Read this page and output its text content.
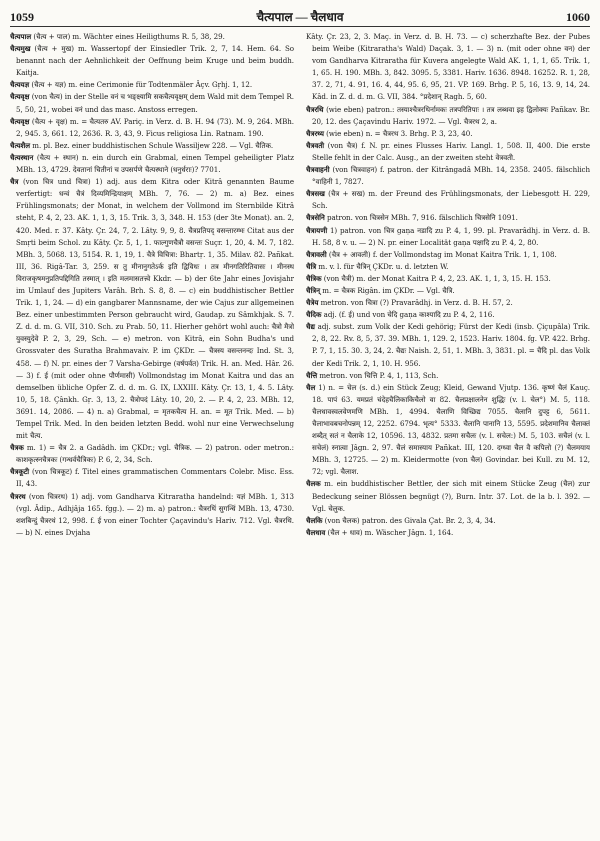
1059	चैत्यपाल — चैलधाव	1060

चैत्यपाल (चैत्य + पाल) m. Wächter eines Heiligthums R. 5, 38, 29.

चैत्यमुख (चैत्य + मुख) m. Wassertopf der Einsiedler Trik. 2, 7, 14. Hem. 64. So benannt nach der Aehnlichkeit der Oeffnung beim Kruge und beim buddh. Kaitja.

चैत्ययज्ञ (चैत्य + यज्ञ) m. eine Cerimonie für Todtenmäler Âçv. Gṛhj. 1, 12.

चैत्यवृक्ष (von चैत्य) in der Stelle वनं च भङ्क्ष्यामि सकचैत्यवृक्षम् dem Wald mit dem Tempel R. 5, 50, 21, wobei वनं und das masc. Anstoss erregen.

चैत्यवृक्ष (चैत्य + वृक्ष) m. = चैत्यतरु AV. Pariç. in Verz. d. B. H. 94 (73). M. 9, 264. MBh. 2, 945. 3, 661. 12, 2636. R. 3, 43, 9. Ficus religiosa Lin. Ratnam. 190.

चैत्यशैल m. pl. Bez. einer buddhistischen Schule Wassiljew 228. — Vgl. चैतिक.

चैत्यस्थान (चैत्य + स्थान) n. ein durch ein Grabmal, einen Tempel geheiligter Platz MBh. 13, 4729. देवतानां चितीनां च उपसर्पणे चैत्यस्थाने (धनुर्धराः)? 7701.

चैत्र (von चित्र und चित्रा) 1) adj. aus dem Kitra oder Kitrâ genannten Baume verfertigt: धन्वं चैत्रं दिव्यमिन्द्रियाक्षम् MBh. 7, 76. — 2) m. a) Bez. eines Frühlingsmonats; der Monat, in welchem der Vollmond im Sternbilde Kitrâ steht, P. 4, 2, 23. AK. 1, 1, 3, 15. Trik. 3, 3, 348. H. 153 (der 3te Monat). an. 2, 420. Med. r. 37. Kâty. Çr. 24, 7, 2. Lâty. 9, 9, 8. चैत्रप्रतिपद् वसन्तारम्भः Citat aus der Smṛti beim Schol. zu Kâty. Çr. 5, 1, 1. फाल्गुणचैत्रौ वसन्तः Suçr. 1, 20, 4. M. 7, 182. MBh. 3, 5068. 13, 5154. R. 1, 19, 1. चैत्रे विचित्रा: Bhartṛ. 1, 35. Milav. 82. Pañkat. III, 36. Rigâ-Tar. 3, 259. स तु मीनानुगतेऽर्क इति द्विविधः । तत्र मीनगतिरितिवासः । मीनस्थ विराजकृषमनुप्रतिपद्दिगिति तस्मात् । इति मलमासतत्त्वे Kkdr. — b) der 6te Jahr eines Jovisjahr im Umlauf des Jupiters Varâh. Brh. S. 8, 8. — c) ein buddhistischer Bettler Trik. 1, 1, 24. — d) ein gangbarer Mannsname, der wie Cajus zur allgemeinen Bez. einer unbestimmten Person gebraucht wird, Gaudap. zu Sâmkhjak. S. 7. Z. d. d. m. G. VII, 310. Sch. zu Prab. 50, 11. Hierher gehört wohl auch: चैत्रो मैत्रो युवस्युदेवे P. 2, 3, 29, Sch. — e) metron. von Kitrâ, ein Sohn Budha's und Grossvater des Suratha Brahmavaiv. P. im ÇKDr. — चैत्रस्य वसन्तनन्दः Ind. St. 3, 458. — f) N. pr. eines der 7 Varsha-Gebirge (वर्षपर्वत) Trik. H. an. Med. Hâr. 26. — 3) f. ई (mit oder ohne पौर्णमासी) Vollmondstag im Monat Kaitra und das an demselben übliche Opfer Z. d. d. m. G. IX, LXXIII. Kâty. Çr. 13, 1, 4. 5. Lâty. 10, 5, 18. Çânkh. Gṛ. 3, 13, 2. चैत्रोपदं Lâty. 10, 20, 2. — P. 4, 2, 23. MBh. 12, 3691. 14, 2086. — 4) n. a) Grabmal, = मृतकचैत्य H. an. = मूत Trik. Med. — b) Tempel Trik. Med. In den beiden letzten Bedd. wohl nur eine Verwechselung mit चैत्य.

चैत्रक m. 1) = चैत्र 2. a Gadâdh. im ÇKDr.; vgl. चैत्रिक. — 2) patron. oder metron.: काशकृत्स्नचैत्रकः (गन्धर्वचैत्रिकः) P. 6, 2, 34, Sch.

चैत्रकूटी (von चित्रकूट) f. Titel eines grammatischen Commentars Colebr. Misc. Ess. II, 43.

चैत्ररथ (von चित्ररथ) 1) adj. vom Gandharva Kitraratha handelnd: यज्ञं MBh. 1, 313 (vgl. Âdip., Adhjâja 165. fgg.). — 2) m. a) patron.: चैत्ररथिं सुगन्धिं MBh. 13, 4730. शशबिन्दुं चैत्ररथं 12, 998. f. ई von einer Tochter Çaçavindu's Hariv. 712. Vgl. चैत्ररथि. — b) N. eines Dvjaha

Kâty. Çr. 23, 2, 3. Maç. in Verz. d. B. H. 73. — c) scherzhafte Bez. der Pubes beim Weibe (Kitraratha's Wald) Daçak. 3, 1. — 3) n. (mit oder ohne वन) der vom Gandharva Kitraratha für Kuvera angelegte Wald AK. 1, 1, 1, 65. Trik. 1, 1, 65. H. 190. MBh. 3, 842. 3095. 5, 3381. Hariv. 1636. 8948. 16252. R. 1, 28, 37. 2, 71, 4. 91, 16. 4, 44, 95. 6, 95, 21. VP. 169. Brhg. P. 5, 16, 13. 9, 14, 24. Kâd. in Z. d. d. m. G. VII, 384. °प्रदेशान् Ragh. 5, 60.

चैत्ररथि (wie eben) patron.: तस्याश्चैत्ररथिर्नामकः तत्रपरितिपाः । तत्र लब्धवा इह द्विलोक्यः Pañkav. Br. 20, 12. des Çaçavindu Hariv. 1972. — Vgl. चैत्ररथ 2, a.

चैत्ररथ्य (wie eben) n. = चैत्ररथ 3. Brhg. P. 3, 23, 40.

चैत्रवती (von चैत्र) f. N. pr. eines Flusses Hariv. Langl. 1, 508. II, 400. Die erste Stelle fehlt in der Calc. Ausg., an der zweiten steht वेत्रवती.

चैत्रवाहनी (von चित्रवाहन) f. patron. der Kitrângadâ MBh. 14, 2358. 2405. fälschlich °वाहिनी 1, 7827.

चैत्रसख (चैत्र + सख) m. der Freund des Frühlingsmonats, der Liebesgott H. 229, Sch.

चैत्रसेनि patron. von चित्रसेन MBh. 7, 916. fälschlich चित्रसेनि 1091.

चैत्रायणी 1) patron. von चित्र gaṇa नडादि zu P. 4, 1, 99. pl. Pravarâdhj. in Verz. d. B. H. 58, 8 v. u. — 2) N. pr. einer Localität gaṇa पक्षादि zu P. 4, 2, 80.

चैत्रावली (चैत्र + आवली) f. der Vollmondstag im Monat Kaitra Trik. 1, 1, 108.

चैत्रि m. v. l. für चैत्रिन् ÇKDr. u. d. letzten W.

चैत्रिक (von चैत्री) m. der Monat Kaitra P. 4, 2, 23. AK. 1, 1, 3, 15. H. 153.

चैत्रिन् m. = चैत्रक Rigân. im ÇKDr. — Vgl. चैत्रि.

चैत्रेय metron. von चित्रा (?) Pravarâdhj. in Verz. d. B. H. 57, 2.

चैदिक adj. (f. ई) und von चेदि gaṇa काश्यादि zu P. 4, 2, 116.

चैद्य adj. subst. zum Volk der Kedi gehörig; Fürst der Kedi (insb. Çiçupâla) Trik. 2, 8, 22. Rv. 8, 5, 37. 39. MBh. 1, 129. 2, 1523. Hariv. 1804. fg. VP. 422. Brhg. P. 7, 1, 15. 30. 3, 24, 2. चैद्यः Naish. 2, 51, 1. MBh. 3, 3831. pl. = चैदि pl. das Volk der Kedi Trik. 2, 1, 10. H. 956.

चैत्ति metron. von चित्ति P. 4, 1, 113, Sch.

चैल 1) n. = चेल (s. d.) ein Stück Zeug; Kleid, Gewand Vjutp. 136. कृष्णं चैलं Kauç. 18. पापं 63. यमप्रतं चंदेहचैलिकाकिचैलो वा 82. चैलप्रक्षालनेन शुद्धिः (v. l. चेल°) M. 5, 118. चैलधावस्वलवेणमणि MBh. 1, 4994. चैलाणि विच्छिद्य 7055. चैलानि दुपट्ट 6, 5611. चैलाभावबचनोपन्नम् 12, 2252. 6794. भृत्य° 5333. चैलानि पानानि 13, 5595. प्रदेशमानिव चैलाक्तं शब्दैत् सतं न चैलाके 12, 10596. 13, 4832. प्रतमा सचैलः (v. l. सचेल:) M. 5, 103. सचैलं (v. l. सचेलं) स्नात्वा Jâgn. 2, 97. चैलं समास्याय Pañkat. III, 120. दग्ध्वा चैल वै कपिलो (?) चैलमयाय MBh. 3, 12725. — 2) m. Kleidermotte (von चैल) Govindar. bei Kull. zu M. 12, 72; vgl. चैलाश.

चैलक m. ein buddhistischer Bettler, der sich mit einem Stücke Zeug (चैल) zur Bedeckung seiner Blössen begnügt (?), Burn. Intr. 37. Lot. de la b. l. 392. — Vgl. चेलुक.

चैलकि (von चैलक) patron. des Givala Çat. Br. 2, 3, 4, 34.

चैलधाव (चैल + धाव) m. Wäscher Jâgn. 1, 164.
